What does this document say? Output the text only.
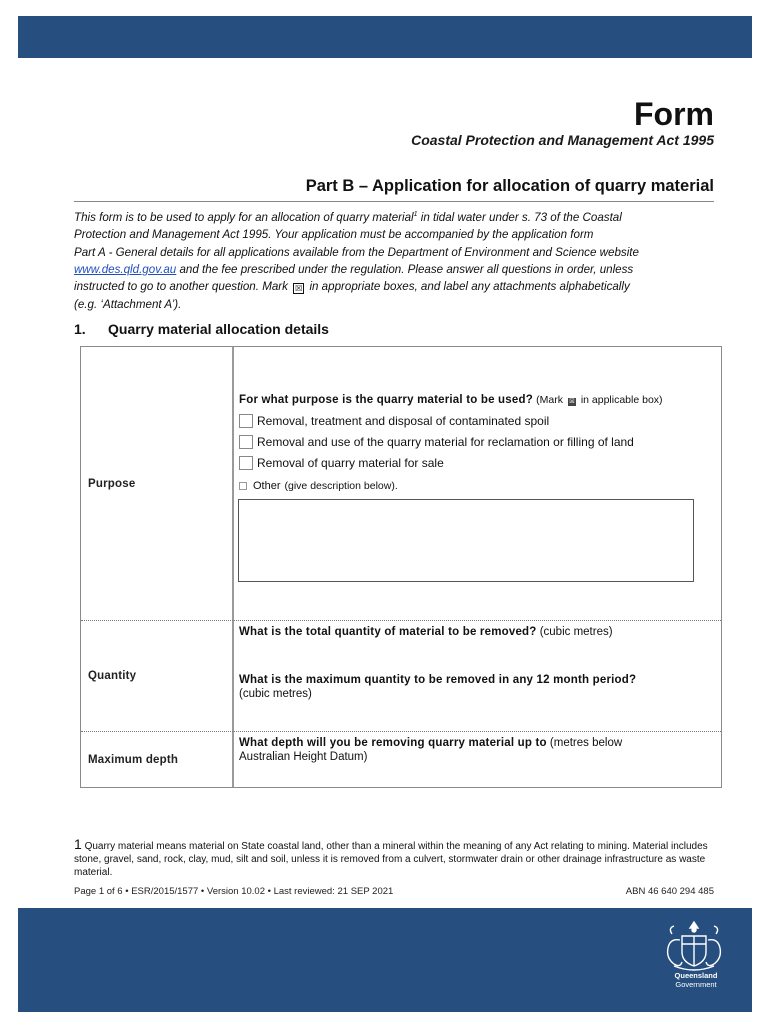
Form
Coastal Protection and Management Act 1995
Part B – Application for allocation of quarry material
This form is to be used to apply for an allocation of quarry material$^1$ in tidal water under s. 73 of the Coastal
Protection and Management Act 1995. Your application must be accompanied by the application form
Part A - General details for all applications available from the Department of Environment and Science website
www.des.qld.gov.au and the fee prescribed under the regulation. Please answer all questions in order, unless
instructed to go to another question. Mark ☒ in appropriate boxes, and label any attachments alphabetically
(e.g. ‘Attachment A’).
1. Quarry material allocation details
Purpose
For what purpose is the quarry material to be used? (Mark ☒ in applicable box)
Removal, treatment and disposal of contaminated spoil
Removal and use of the quarry material for reclamation or filling of land
Removal of quarry material for sale
Other (give description below).
What is the total quantity of material to be removed? (cubic metres)
Quantity	What is the maximum quantity to be removed in any 12 month period?
(cubic metres)
What depth will you be removing quarry material up to (metres below
Australian Height Datum)
Maximum depth
1 Quarry material means material on State coastal land, other than a mineral within the meaning of any Act relating to mining. Material includes stone, gravel, sand, rock, clay, mud, silt and soil, unless it is removed from a culvert, stormwater drain or other drainage infrastructure as waste material.
Page 1 of 6 • ESR/2015/1577 • Version 10.02 • Last reviewed: 21 SEP 2021	ABN 46 640 294 485
Queensland
Government
